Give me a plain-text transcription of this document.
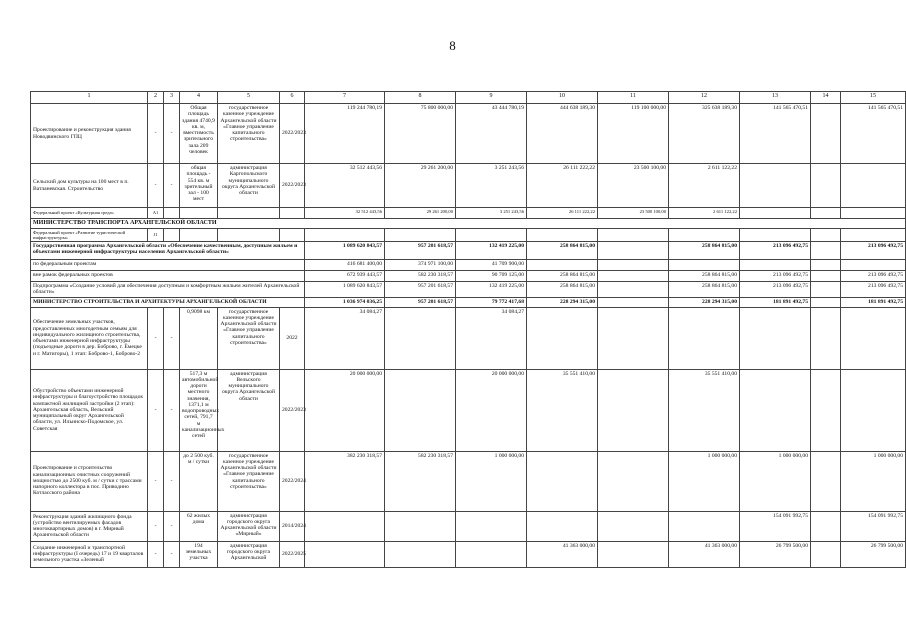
8
1	2	3	4	5	6	7	8	9	10	11	12	13	14	15
Проектирование и реконструкция здания Новодвинского ГПЦ	-	-	Общая площадь здания 4740,9 кв. м, вместимость зрительного зала 209 человек	государственное казенное учреждение Архангельской области «Главное управление капитального строительства»	2022/2023	119 244 780,19	75 800 000,00	43 444 780,19	444 638 189,30	119 100 000,00	325 638 189,30	141 565 470,51		141 565 470,51
Сельский дом культуры на 100 мест в п. Ватланевская. Строительство	-	-	общая площадь - 554 кв. м зрительный зал - 100 мест	администрация Каргопольского муниципального округа Архангельской области	2022/2023	32 512 443,56	29 261 200,00	3 251 243,56	26 111 222,22	23 500 100,00	2 611 122,22			
Федеральный проект «Культурная среда»	А1					32 512 443,56	29 261 200,00	3 251 243,56	26 111 222,22	23 500 100,00	2 611 122,22			
МИНИСТЕРСТВО ТРАНСПОРТА АРХАНГЕЛЬСКОЙ ОБЛАСТИ														
Федеральный проект «Развитие туристической инфраструктуры»	J1													
Государственная программа Архангельской области «Обеспечение качественным, доступным жильем и объектами инженерной инфраструктуры населения Архангельской области»						1 089 620 843,57	957 201 618,57	132 419 225,00	258 864 815,00		258 864 815,00	213 096 492,75		213 096 492,75
по федеральным проектам						416 681 400,00	374 971 100,00	41 709 900,00						
вне рамок федеральных проектов						672 939 443,57	582 230 318,57	90 709 125,00	258 864 815,00		258 864 815,00	213 096 492,75		213 096 492,75
Подпрограмма «Создание условий для обеспечения доступным и комфортным жильем жителей Архангельской области»						1 089 620 843,57	957 201 618,57	132 419 225,00	258 864 815,00		258 864 815,00	213 096 492,75		213 096 492,75
МИНИСТЕРСТВО СТРОИТЕЛЬСТВА И АРХИТЕКТУРЫ АРХАНГЕЛЬСКОЙ ОБЛАСТИ						1 036 974 036,25	957 201 618,57	79 772 417,68	228 294 315,00		228 294 315,00	181 891 492,75		181 891 492,75
Обеспечение земельных участков, предоставленных многодетным семьям для индивидуального жилищного строительства, объектами инженерной инфраструктуры (подъездные дороги в дер. Боброво, г. Ёмецке и г. Матигоры), 1 этап: Боброво-1, Боброво-2	-	-	0,9098 км	государственное казенное учреждение Архангельской области «Главное управление капитального строительства»	2022	34 084,27		34 084,27						
Обустройство объектами инженерной инфраструктуры и благоустройство площадок компактной жилищной застройки (2 этап): Архангельская область, Вельский муниципальный округ Архангельской области, ул. Ильинско-Подомское, ул. Советская	-	-	517,3 м автомобильной дороги местного значения, 1371,1 м водопроводных сетей, 791,7 м канализационных сетей	администрация Вельского муниципального округа Архангельской области	2022/2023	20 000 000,00		20 000 000,00	35 551 410,00		35 551 410,00			
Проектирование и строительство канализационных очистных сооружений мощностью до 2500 куб. м / сутки с трассами напорного коллектора в пос. Приводино Котласского района	-	-	до 2 500 куб. м / сутки	государственное казенное учреждение Архангельской области «Главное управление капитального строительства»	2022/2024	382 230 318,57	582 230 318,57	1 000 000,00			1 000 000,00	1 000 000,00		1 000 000,00
Реконструкция зданий жилищного фонда (устройство вентилируемых фасадов многоквартирных домов) в г. Мирный Архангельской области	-	-	62 жилых дома	администрация городского округа Архангельской области «Мирный»	2014/2024							154 091 992,75		154 091 992,75
Создание инженерной и транспортной инфраструктуры (I очередь) 17 и 19 кварталов земельного участка «Зеленый	-	-	194 земельных участка	администрация городского округа Архангельской	2022/2025				41 363 000,00		41 363 000,00	26 799 500,00		26 799 500,00
